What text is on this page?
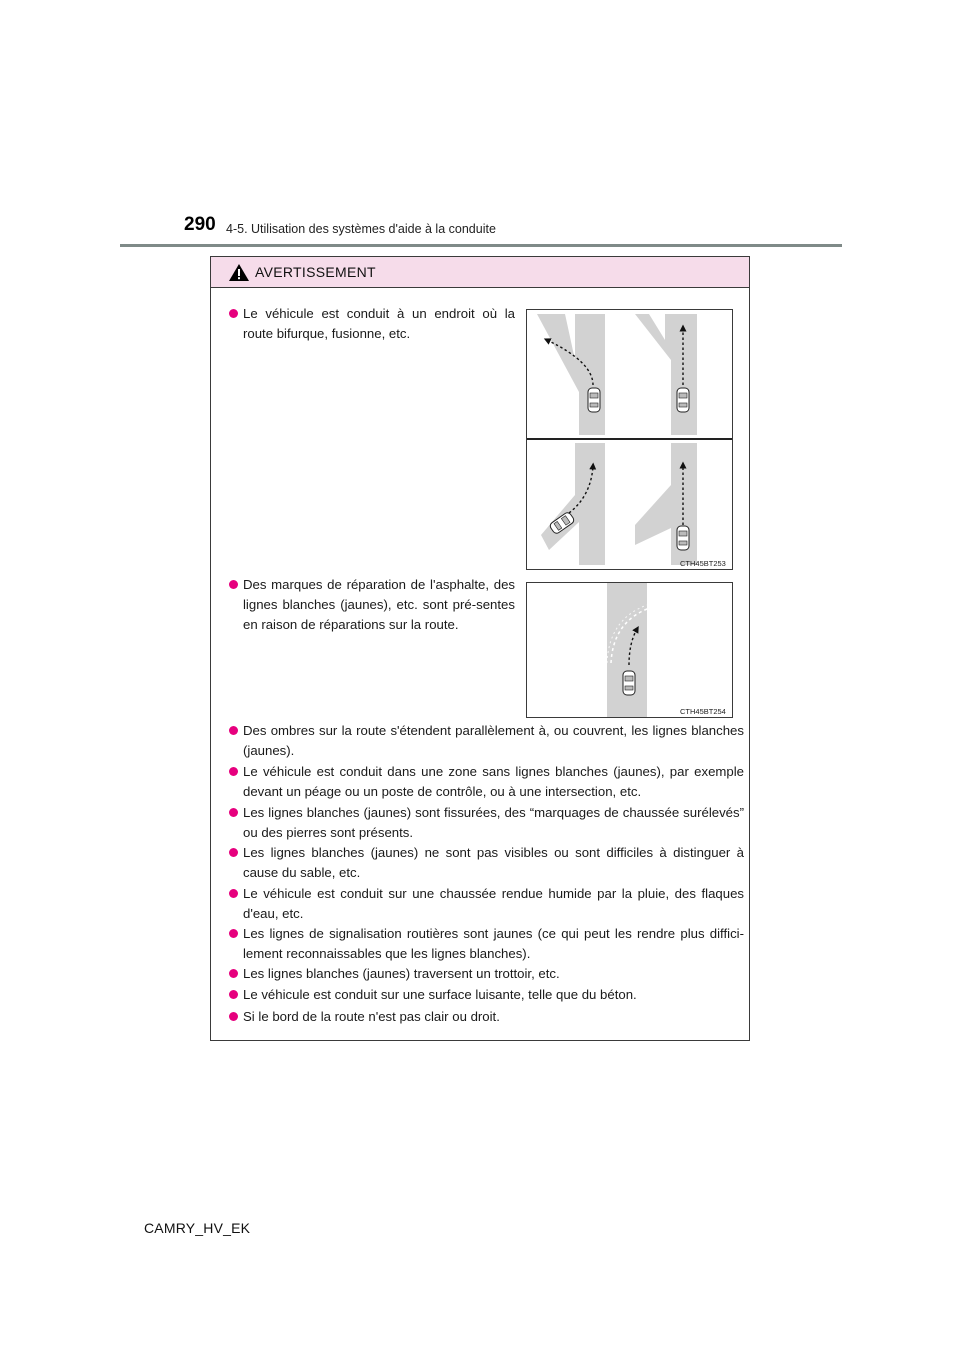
290 4-5. Utilisation des systèmes d'aide à la conduite
AVERTISSEMENT
Le véhicule est conduit à un endroit où la route bifurque, fusionne, etc.
CTH45BT253
Des marques de réparation de l'asphalte, des lignes blanches (jaunes), etc. sont pré-sentes en raison de réparations sur la route.
CTH45BT254
Des ombres sur la route s'étendent parallèlement à, ou couvrent, les lignes blanches (jaunes).
Le véhicule est conduit dans une zone sans lignes blanches (jaunes), par exemple devant un péage ou un poste de contrôle, ou à une intersection, etc.
Les lignes blanches (jaunes) sont fissurées, des “marquages de chaussée surélevés” ou des pierres sont présents.
Les lignes blanches (jaunes) ne sont pas visibles ou sont difficiles à distinguer à cause du sable, etc.
Le véhicule est conduit sur une chaussée rendue humide par la pluie, des flaques d'eau, etc.
Les lignes de signalisation routières sont jaunes (ce qui peut les rendre plus diffici-lement reconnaissables que les lignes blanches).
Les lignes blanches (jaunes) traversent un trottoir, etc.
Le véhicule est conduit sur une surface luisante, telle que du béton.
Si le bord de la route n'est pas clair ou droit.
CAMRY_HV_EK
